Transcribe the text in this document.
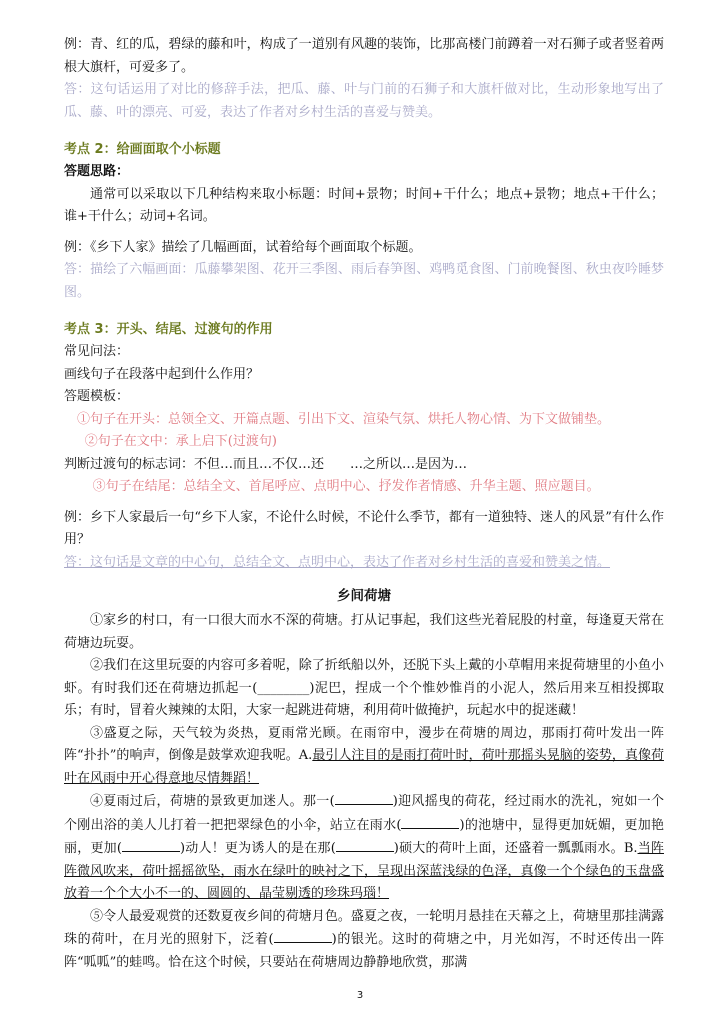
例：青、红的瓜，碧绿的藤和叶，构成了一道别有风趣的装饰，比那高楼门前蹲着一对石狮子或者竖着两根大旗杆，可爱多了。

答：这句话运用了对比的修辞手法，把瓜、藤、叶与门前的石狮子和大旗杆做对比，生动形象地写出了瓜、藤、叶的漂亮、可爱，表达了作者对乡村生活的喜爱与赞美。

考点 2：给画面取个小标题

答题思路：

通常可以采取以下几种结构来取小标题：时间+景物；时间+干什么；地点+景物；地点+干什么；谁+干什么；动词+名词。

例：《乡下人家》描绘了几幅画面，试着给每个画面取个标题。

答：描绘了六幅画面：瓜藤攀架图、花开三季图、雨后春笋图、鸡鸭觅食图、门前晚餐图、秋虫夜吟睡梦图。

考点 3：开头、结尾、过渡句的作用

常见问法：

画线句子在段落中起到什么作用？

答题模板：

①句子在开头：总领全文、开篇点题、引出下文、渲染气氛、烘托人物心情、为下文做铺垫。

②句子在文中：承上启下(过渡句)

判断过渡句的标志词：不但…而且…不仅…还　　…之所以…是因为…

③句子在结尾：总结全文、首尾呼应、点明中心、抒发作者情感、升华主题、照应题目。

例：乡下人家最后一句“乡下人家，不论什么时候，不论什么季节，都有一道独特、迷人的风景”有什么作用？

答：这句话是文章的中心句，总结全文、点明中心，表达了作者对乡村生活的喜爱和赞美之情。

乡间荷塘

①家乡的村口，有一口很大而水不深的荷塘。打从记事起，我们这些光着屁股的村童，每逢夏天常在荷塘边玩耍。

②我们在这里玩耍的内容可多着呢，除了折纸船以外，还脱下头上戴的小草帽用来捉荷塘里的小鱼小虾。有时我们还在荷塘边抓起一(________)泥巴，捏成一个个惟妙惟肖的小泥人，然后用来互相投掷取乐；有时，冒着火辣辣的太阳，大家一起跳进荷塘，利用荷叶做掩护，玩起水中的捉迷藏！

③盛夏之际，天气较为炎热，夏雨常光顾。在雨帘中，漫步在荷塘的周边，那雨打荷叶发出一阵阵“扑扑”的响声，倒像是鼓掌欢迎我呢。A.最引人注目的是雨打荷叶时，荷叶那摇头晃脑的姿势，真像荷叶在风雨中开心得意地尽情舞蹈！

④夏雨过后，荷塘的景致更加迷人。那一(	)迎风摇曳的荷花，经过雨水的洗礼，宛如一个个刚出浴的美人儿打着一把把翠绿色的小伞，站立在雨水(	)的池塘中，显得更加妩媚，更加艳丽，更加(	)动人！更为诱人的是在那(	)硕大的荷叶上面，还盛着一瓢瓢雨水。B.当阵阵微风吹来，荷叶摇摇欲坠，雨水在绿叶的映衬之下，呈现出深蓝浅绿的色泽，真像一个个绿色的玉盘盛放着一个个大小不一的、圆圆的、晶莹剔透的珍珠玛瑙！

⑤令人最爱观赏的还数夏夜乡间的荷塘月色。盛夏之夜，一轮明月悬挂在天幕之上，荷塘里那挂满露珠的荷叶，在月光的照射下，泛着(	)的银光。这时的荷塘之中，月光如泻，不时还传出一阵阵“呱呱”的蛙鸣。恰在这个时候，只要站在荷塘周边静静地欣赏，那满

3
